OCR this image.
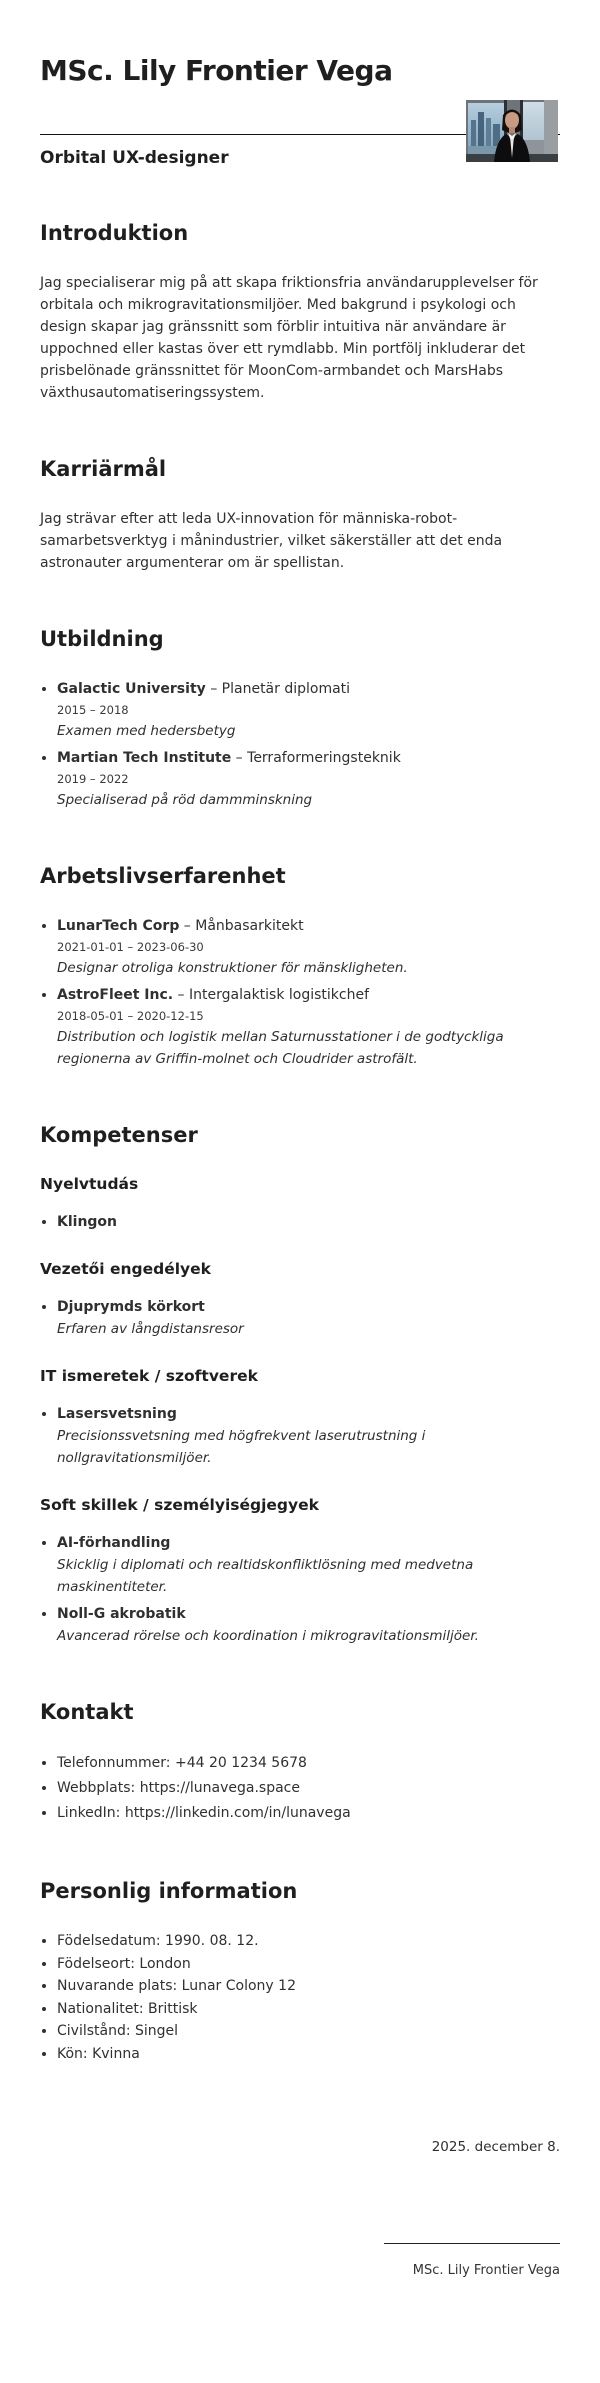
MSc. Lily Frontier Vega
Orbital UX-designer
Introduktion

Jag specialiserar mig på att skapa friktionsfria användarupplevelser för orbitala och mikrogravitationsmiljöer. Med bakgrund i psykologi och design skapar jag gränssnitt som förblir intuitiva när användare är uppochned eller kastas över ett rymdlabb. Min portfölj inkluderar det prisbelönade gränssnittet för MoonCom-armbandet och MarsHabs växthusautomatiseringssystem.

Karriärmål

Jag strävar efter att leda UX-innovation för människa-robot-samarbetsverktyg i månindustrier, vilket säkerställer att det enda astronauter argumenterar om är spellistan.

Utbildning
• Galactic University – Planetär diplomati
2015 – 2018
Examen med hedersbetyg
• Martian Tech Institute – Terraformeringsteknik
2019 – 2022
Specialiserad på röd dammminskning
Arbetslivserfarenhet
• LunarTech Corp – Månbasarkitekt
2021-01-01 – 2023-06-30
Designar otroliga konstruktioner för mänskligheten.
• AstroFleet Inc. – Intergalaktisk logistikchef
2018-05-01 – 2020-12-15
Distribution och logistik mellan Saturnusstationer i de godtyckliga regionerna av Griffin-molnet och Cloudrider astrofält.
Kompetenser
Nyelvtudás
• Klingon
Vezetői engedélyek
• Djuprymds körkort
Erfaren av långdistansresor
IT ismeretek / szoftverek
• Lasersvetsning
Precisionssvetsning med högfrekvent laserutrustning i nollgravitationsmiljöer.
Soft skillek / személyiségjegyek
• AI-förhandling
Skicklig i diplomati och realtidskonfliktlösning med medvetna maskinentiteter.
• Noll-G akrobatik
Avancerad rörelse och koordination i mikrogravitationsmiljöer.
Kontakt
• Telefonnummer: +44 20 1234 5678
• Webbplats: https://lunavega.space
• LinkedIn: https://linkedin.com/in/lunavega
Personlig information
• Födelsedatum: 1990. 08. 12.
• Födelseort: London
• Nuvarande plats: Lunar Colony 12
• Nationalitet: Brittisk
• Civilstånd: Singel
• Kön: Kvinna
2025. december 8.
MSc. Lily Frontier Vega
